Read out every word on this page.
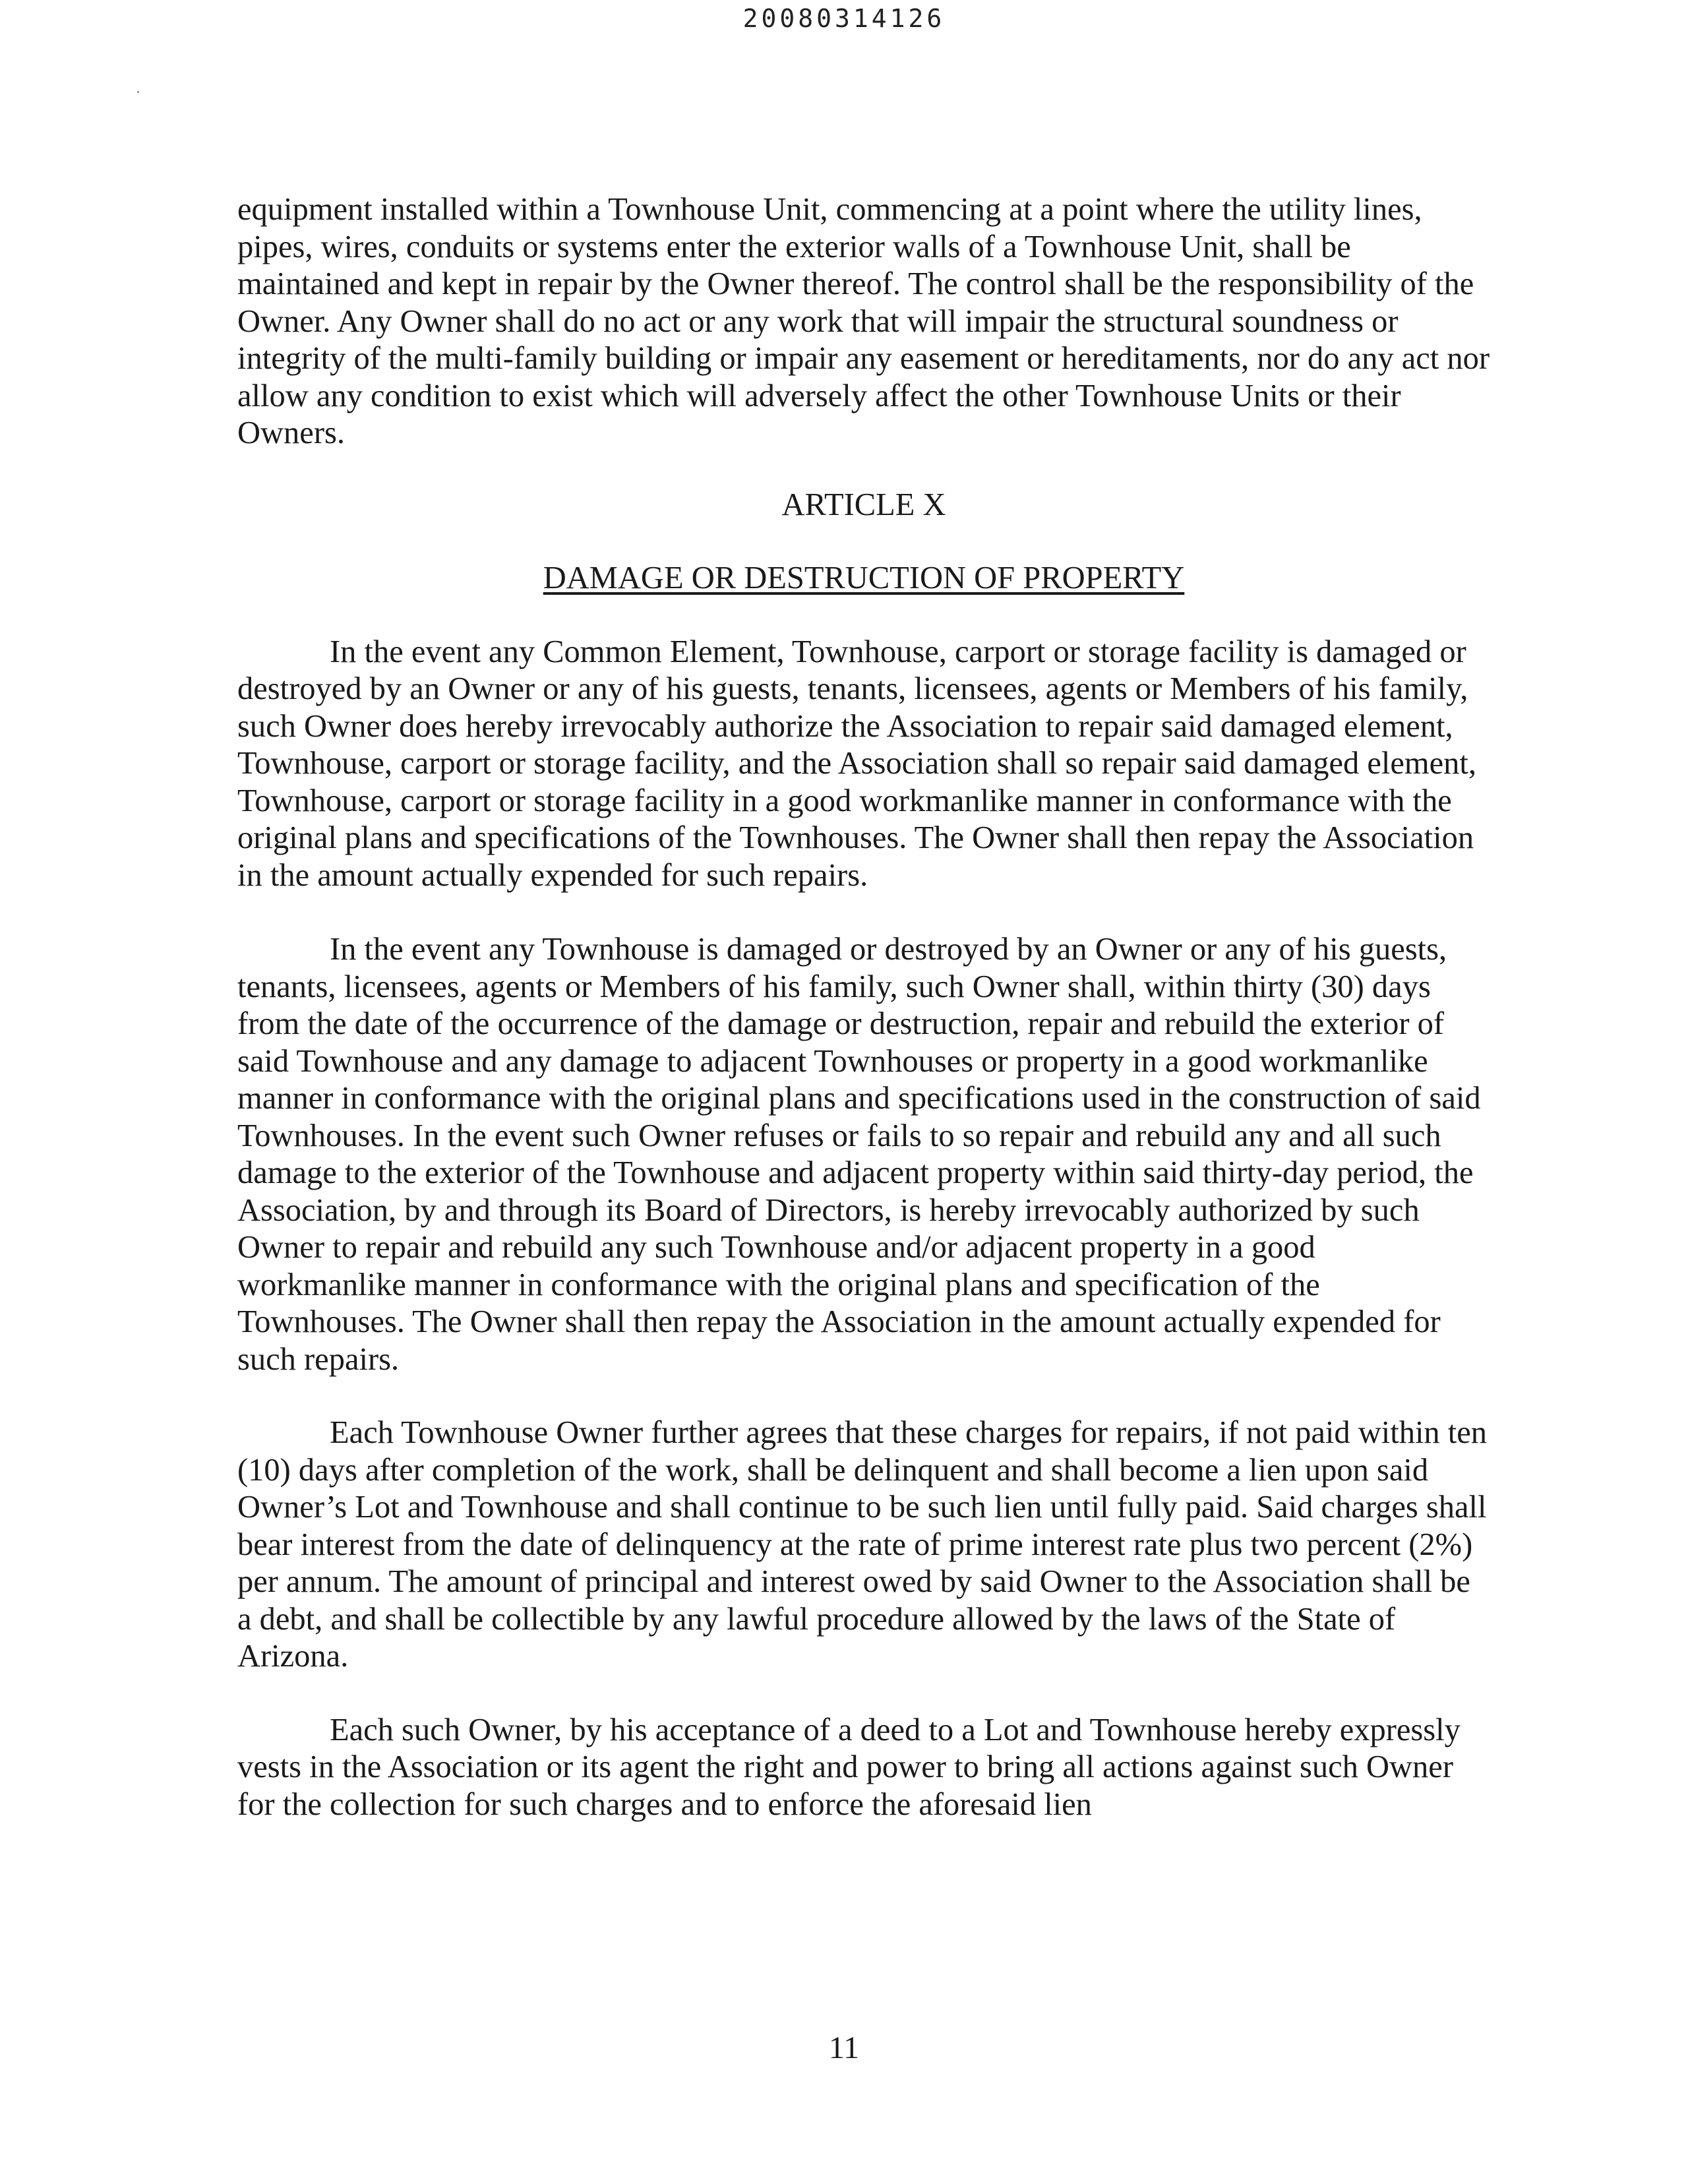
20080314126

equipment installed within a Townhouse Unit, commencing at a point where the utility lines, pipes, wires, conduits or systems enter the exterior walls of a Townhouse Unit, shall be maintained and kept in repair by the Owner thereof. The control shall be the responsibility of the Owner. Any Owner shall do no act or any work that will impair the structural soundness or integrity of the multi-family building or impair any easement or hereditaments, nor do any act nor allow any condition to exist which will adversely affect the other Townhouse Units or their Owners.

ARTICLE X

DAMAGE OR DESTRUCTION OF PROPERTY

In the event any Common Element, Townhouse, carport or storage facility is damaged or destroyed by an Owner or any of his guests, tenants, licensees, agents or Members of his family, such Owner does hereby irrevocably authorize the Association to repair said damaged element, Townhouse, carport or storage facility, and the Association shall so repair said damaged element, Townhouse, carport or storage facility in a good workmanlike manner in conformance with the original plans and specifications of the Townhouses. The Owner shall then repay the Association in the amount actually expended for such repairs.

In the event any Townhouse is damaged or destroyed by an Owner or any of his guests, tenants, licensees, agents or Members of his family, such Owner shall, within thirty (30) days from the date of the occurrence of the damage or destruction, repair and rebuild the exterior of said Townhouse and any damage to adjacent Townhouses or property in a good workmanlike manner in conformance with the original plans and specifications used in the construction of said Townhouses. In the event such Owner refuses or fails to so repair and rebuild any and all such damage to the exterior of the Townhouse and adjacent property within said thirty-day period, the Association, by and through its Board of Directors, is hereby irrevocably authorized by such Owner to repair and rebuild any such Townhouse and/or adjacent property in a good workmanlike manner in conformance with the original plans and specification of the Townhouses. The Owner shall then repay the Association in the amount actually expended for such repairs.

Each Townhouse Owner further agrees that these charges for repairs, if not paid within ten (10) days after completion of the work, shall be delinquent and shall become a lien upon said Owner’s Lot and Townhouse and shall continue to be such lien until fully paid. Said charges shall bear interest from the date of delinquency at the rate of prime interest rate plus two percent (2%) per annum. The amount of principal and interest owed by said Owner to the Association shall be a debt, and shall be collectible by any lawful procedure allowed by the laws of the State of Arizona.

Each such Owner, by his acceptance of a deed to a Lot and Townhouse hereby expressly vests in the Association or its agent the right and power to bring all actions against such Owner for the collection for such charges and to enforce the aforesaid lien

11
